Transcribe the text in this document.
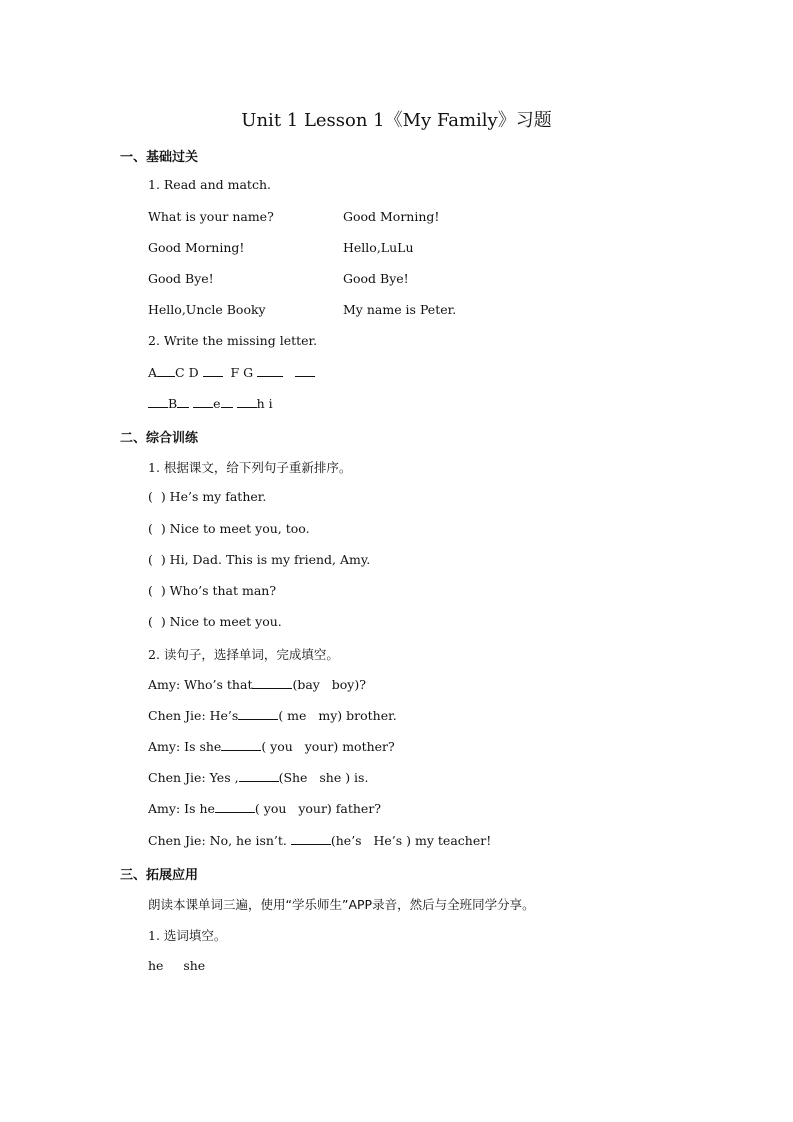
Unit 1 Lesson 1《My Family》习题
一、基础过关
1. Read and match.
What is your name?	Good Morning!
Good Morning!	Hello,LuLu
Good Bye!	Good Bye!
Hello,Uncle Booky	My name is Peter.
2. Write the missing letter.
A C D	F G
B	e	h i
二、综合训练
1. 根据课文，给下列句子重新排序。
(  ) He’s my father.
(  ) Nice to meet you, too.
(  ) Hi, Dad. This is my friend, Amy.
(  ) Who’s that man?
(  ) Nice to meet you.
2. 读句子，选择单词，完成填空。
Amy: Who’s that	(bay   boy)?
Chen Jie: He’s	( me   my) brother.
Amy: Is she	( you   your) mother?
Chen Jie: Yes ,	(She   she ) is.
Amy: Is he	( you   your) father?
Chen Jie: No, he isn’t.	(he’s   He’s ) my teacher!
三、拓展应用
朗读本课单词三遍，使用“学乐师生”APP录音，然后与全班同学分享。
1. 选词填空。
he     she
